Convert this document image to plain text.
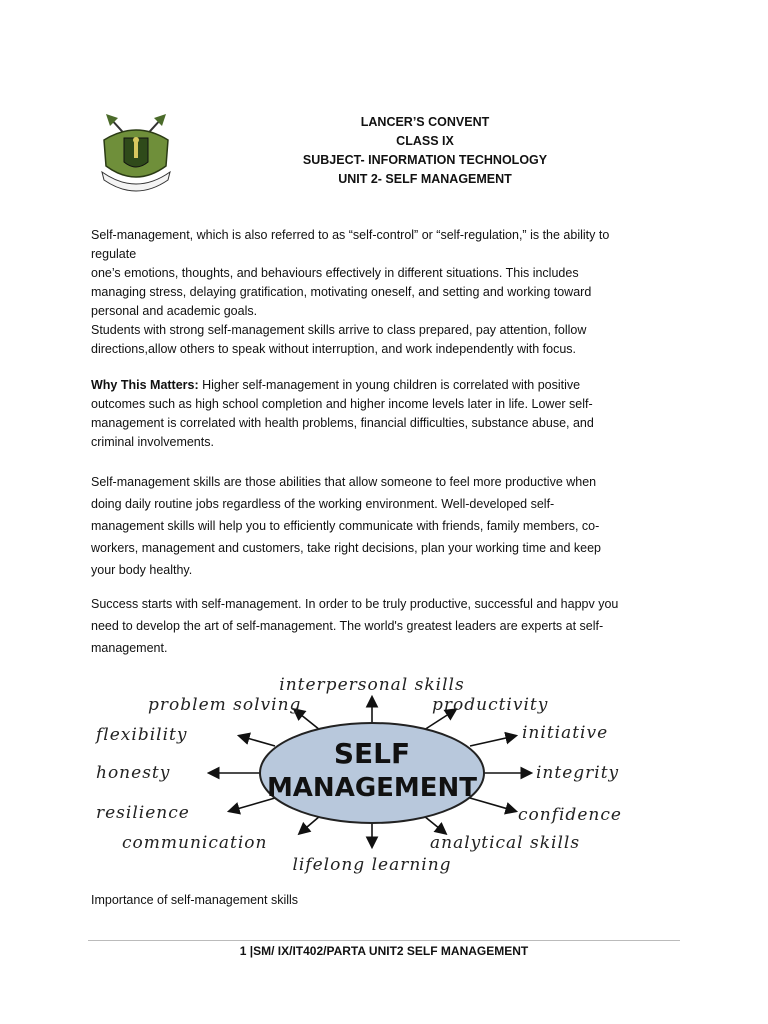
LANCER’S CONVENT
CLASS IX
SUBJECT- INFORMATION TECHNOLOGY
UNIT 2- SELF MANAGEMENT
Self-management, which is also referred to as “self-control” or “self-regulation,” is the ability to
regulate
one’s emotions, thoughts, and behaviours effectively in different situations. This includes
managing stress, delaying gratification, motivating oneself, and setting and working toward
personal and academic goals.
Students with strong self-management skills arrive to class prepared, pay attention, follow
directions,allow others to speak without interruption, and work independently with focus.
Why This Matters: Higher self-management in young children is correlated with positive
outcomes such as high school completion and higher income levels later in life. Lower self-
management is correlated with health problems, financial difficulties, substance abuse, and
criminal involvements.
Self-management skills are those abilities that allow someone to feel more productive when
doing daily routine jobs regardless of the working environment. Well-developed self-
management skills will help you to efficiently communicate with friends, family members, co-
workers, management and customers, take right decisions, plan your working time and keep
your body healthy.
Success starts with self-management. In order to be truly productive, successful and happv you
need to develop the art of self-management. The world's greatest leaders are experts at self-
management.
SELF
MANAGEMENT
interpersonal skills
problem solving	productivity
flexibility	initiative
honesty	integrity
resilience	confidence
communication	analytical skills
lifelong learning
Importance of self-management skills
1 |SM/ IX/IT402/PARTA UNIT2 SELF MANAGEMENT
